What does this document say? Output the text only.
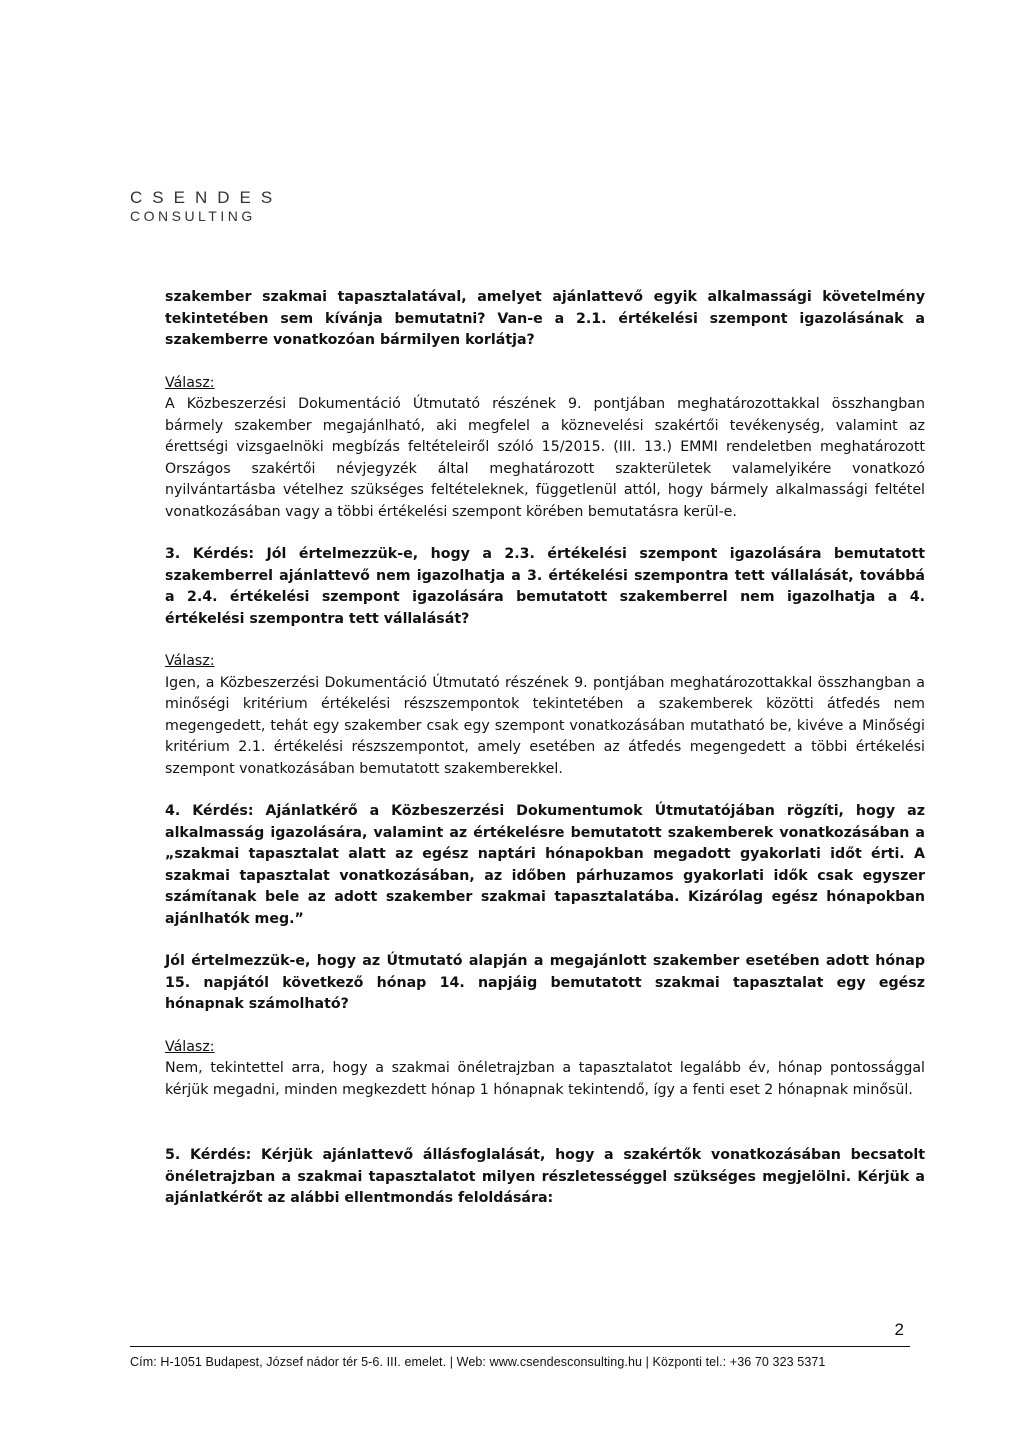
CSENDES
CONSULTING

szakember szakmai tapasztalatával, amelyet ajánlattevő egyik alkalmassági követelmény tekintetében sem kívánja bemutatni? Van-e a 2.1. értékelési szempont igazolásának a szakemberre vonatkozóan bármilyen korlátja?

Válasz:

A Közbeszerzési Dokumentáció Útmutató részének 9. pontjában meghatározottakkal összhangban bármely szakember megajánlható, aki megfelel a köznevelési szakértői tevékenység, valamint az érettségi vizsgaelnöki megbízás feltételeiről szóló 15/2015. (III. 13.) EMMI rendeletben meghatározott Országos szakértői névjegyzék által meghatározott szakterületek valamelyikére vonatkozó nyilvántartásba vételhez szükséges feltételeknek, függetlenül attól, hogy bármely alkalmassági feltétel vonatkozásában vagy a többi értékelési szempont körében bemutatásra kerül-e.

3. Kérdés: Jól értelmezzük-e, hogy a 2.3. értékelési szempont igazolására bemutatott szakemberrel ajánlattevő nem igazolhatja a 3. értékelési szempontra tett vállalását, továbbá a 2.4. értékelési szempont igazolására bemutatott szakemberrel nem igazolhatja a 4. értékelési szempontra tett vállalását?

Válasz:

Igen, a Közbeszerzési Dokumentáció Útmutató részének 9. pontjában meghatározottakkal összhangban a minőségi kritérium értékelési részszempontok tekintetében a szakemberek közötti átfedés nem megengedett, tehát egy szakember csak egy szempont vonatkozásában mutatható be, kivéve a Minőségi kritérium 2.1. értékelési részszempontot, amely esetében az átfedés megengedett a többi értékelési szempont vonatkozásában bemutatott szakemberekkel.

4. Kérdés: Ajánlatkérő a Közbeszerzési Dokumentumok Útmutatójában rögzíti, hogy az alkalmasság igazolására, valamint az értékelésre bemutatott szakemberek vonatkozásában a „szakmai tapasztalat alatt az egész naptári hónapokban megadott gyakorlati időt érti. A szakmai tapasztalat vonatkozásában, az időben párhuzamos gyakorlati idők csak egyszer számítanak bele az adott szakember szakmai tapasztalatába. Kizárólag egész hónapokban ajánlhatók meg.”

Jól értelmezzük-e, hogy az Útmutató alapján a megajánlott szakember esetében adott hónap 15. napjától következő hónap 14. napjáig bemutatott szakmai tapasztalat egy egész hónapnak számolható?

Válasz:

Nem, tekintettel arra, hogy a szakmai önéletrajzban a tapasztalatot legalább év, hónap pontossággal kérjük megadni, minden megkezdett hónap 1 hónapnak tekintendő, így a fenti eset 2 hónapnak minősül.

5. Kérdés: Kérjük ajánlattevő állásfoglalását, hogy a szakértők vonatkozásában becsatolt önéletrajzban a szakmai tapasztalatot milyen részletességgel szükséges megjelölni. Kérjük a ajánlatkérőt az alábbi ellentmondás feloldására:

2
Cím: H-1051 Budapest, József nádor tér 5-6. III. emelet. | Web: www.csendesconsulting.hu | Központi tel.: +36 70 323 5371
